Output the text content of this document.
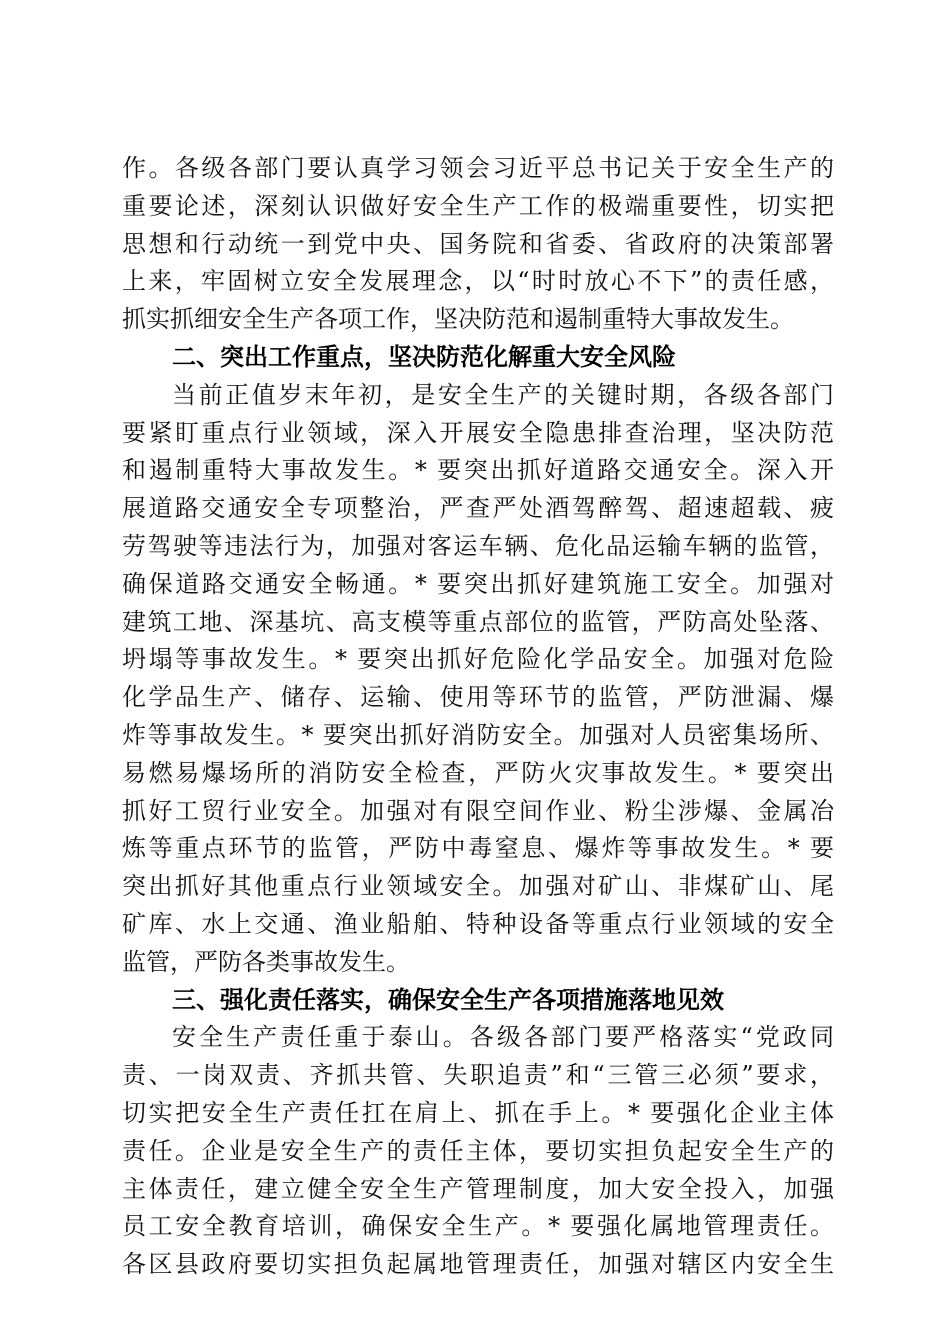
作。各级各部门要认真学习领会习近平总书记关于安全生产的
重要论述，深刻认识做好安全生产工作的极端重要性，切实把
思想和行动统一到党中央、国务院和省委、省政府的决策部署
上来，牢固树立安全发展理念，以“时时放心不下”的责任感，
抓实抓细安全生产各项工作，坚决防范和遏制重特大事故发生。
二、突出工作重点，坚决防范化解重大安全风险
当前正值岁末年初，是安全生产的关键时期，各级各部门
要紧盯重点行业领域，深入开展安全隐患排查治理，坚决防范
和遏制重特大事故发生。* 要突出抓好道路交通安全。深入开
展道路交通安全专项整治，严查严处酒驾醉驾、超速超载、疲
劳驾驶等违法行为，加强对客运车辆、危化品运输车辆的监管，
确保道路交通安全畅通。* 要突出抓好建筑施工安全。加强对
建筑工地、深基坑、高支模等重点部位的监管，严防高处坠落、
坍塌等事故发生。* 要突出抓好危险化学品安全。加强对危险
化学品生产、储存、运输、使用等环节的监管，严防泄漏、爆
炸等事故发生。* 要突出抓好消防安全。加强对人员密集场所、
易燃易爆场所的消防安全检查，严防火灾事故发生。* 要突出
抓好工贸行业安全。加强对有限空间作业、粉尘涉爆、金属冶
炼等重点环节的监管，严防中毒窒息、爆炸等事故发生。* 要
突出抓好其他重点行业领域安全。加强对矿山、非煤矿山、尾
矿库、水上交通、渔业船舶、特种设备等重点行业领域的安全
监管，严防各类事故发生。
三、强化责任落实，确保安全生产各项措施落地见效
安全生产责任重于泰山。各级各部门要严格落实“党政同
责、一岗双责、齐抓共管、失职追责”和“三管三必须”要求，
切实把安全生产责任扛在肩上、抓在手上。* 要强化企业主体
责任。企业是安全生产的责任主体，要切实担负起安全生产的
主体责任，建立健全安全生产管理制度，加大安全投入，加强
员工安全教育培训，确保安全生产。* 要强化属地管理责任。
各区县政府要切实担负起属地管理责任，加强对辖区内安全生
